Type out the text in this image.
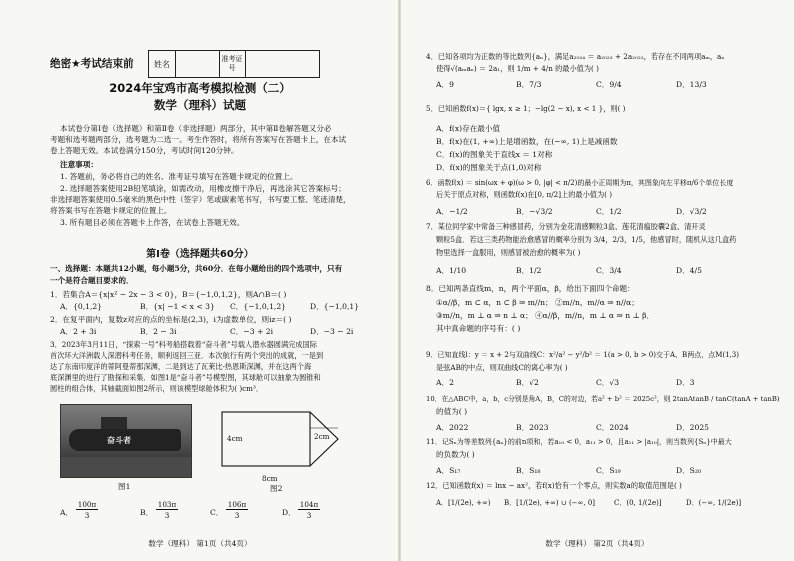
绝密★考试结束前	姓名
准考证号
2024年宝鸡市高考模拟检测（二）
数学（理科）试题
本试卷分第Ⅰ卷（选择题）和第Ⅱ卷（非选择题）两部分，其中第Ⅱ卷解答题又分必
考题和选考题两部分，选考题为二选一。考生作答时，将所有答案写在答题卡上，在本试
卷上答题无效。本试卷满分150分，考试时间120分钟。
注意事项：
1. 答题前，务必将自己的姓名、准考证号填写在答题卡规定的位置上。
2. 选择题答案使用2B铅笔填涂，如需改动，用橡皮擦干净后，再选涂其它答案标号；
非选择题答案使用0.5毫米的黑色中性（签字）笔或碳素笔书写，书写要工整、笔迹清楚，
将答案书写在答题卡规定的位置上。
3. 所有题目必须在答题卡上作答，在试卷上答题无效。
第Ⅰ卷（选择题共60分）
一、选择题：本题共12小题，每小题5分，共60分．在每小题给出的四个选项中，只有
一个是符合题目要求的．
1．若集合A＝{x|x² − 2x − 3 < 0}，B＝{−1,0,1,2}，则A∩B＝( )
A．{0,1,2}	B．{x| −1 < x < 3} C．{−1,0,1,2}	D．{−1,0,1}
2．在复平面内，复数z对应的点的坐标是(2,3)，i为虚数单位，则iz＝( )
A．2 + 3i	B．2 − 3i	C．−3 + 2i	D．−3 − 2i
3．2023年3月11日，“探索一号”科考船搭载着“奋斗者”号载人潜水器圆满完成国际
首次环大洋洲载人深潜科考任务，顺利返回三亚．本次航行有两个突出的成就，一是到
达了东南印度洋的蒂阿曼蒂那深渊，二是到达了瓦莱比-热恩斯深渊，并在这两个海
底深渊里的进行了勘探和采集．如图1是“奋斗者”号模型图，其球舱可以抽象为圆锥和
圆柱的组合体，其轴截面如图2所示，则该模型球舱体积为( )cm³．
奋斗者
图1
4cm	2cm
8cm
图2
A．
100π
3	B．
103π
3	C．
106π
3	D．
104π
3
数学（理科） 第1页（共4页）
4．已知各项均为正数的等比数列{aₙ}，满足a₂₀₂₄ ＝ a₂₀₂₃ + 2a₂₀₂₂，若存在不同两项aₘ，aₙ
使得√(aₘaₙ) ＝ 2a₁，则 1/m + 4/n 的最小值为( )
A．9	B．7/3	C．9/4	D．13/3
5．已知函数f(x)＝{ lgx, x ≥ 1；−lg(2 − x), x < 1 }，则( )
A．f(x)存在最小值
B．f(x)在(1, +∞)上是增函数，在(−∞, 1)上是减函数
C．f(x)的图象关于直线x ＝ 1对称
D．f(x)的图象关于点(1,0)对称
6．函数f(x) ＝ sin(ωx + φ)(ω > 0, |φ| < π/2)的最小正周期为π，其图象向左平移π/6个单位长度
后关于原点对称，则函数f(x)在[0, π/2]上的最小值为( )
A．−1/2	B．−√3/2	C．1/2	D．√3/2
7．某位同学家中常备三种感冒药，分别为金花清感颗粒3盒、莲花清瘟胶囊2盒、清开灵
颗粒5盒．若这三类药物能治愈感冒的概率分别为 3/4，2/3，1/5，他感冒时，随机从这几盒药
物里选择一盒服用，则感冒被治愈的概率为( )
A．1/10	B．1/2	C．3/4	D．4/5
8．已知两条直线m，n，两个平面α，β，给出下面四个命题：
①α//β，m ⊂ α，n ⊂ β ⇒ m//n； ②m//n，m//α ⇒ n//α；
③m//n，m ⊥ α ⇒ n ⊥ α； ④α//β，m//n，m ⊥ α ⇒ n ⊥ β．
其中真命题的序号有：( )
9．已知直线l：y ＝ x + 2与双曲线C：x²/a² − y²/b² ＝ 1(a > 0, b > 0)交于A、B两点，点M(1,3)
是弦AB的中点，则双曲线C的离心率为( )
A．2	B．√2	C．√3	D．3
10．在△ABC中，a，b，c分别是角A，B，C的对边，若a² + b² ＝ 2025c²，则 2tanAtanB / tanC(tanA + tanB)
的值为( )
A．2022	B．2023	C．2024	D．2025
11．记Sₙ为等差数列{aₙ}的前n项和，若a₁₀ < 0，a₁₁ > 0，且a₁₁ > |a₁₀|，则当数列{Sₙ}中最大
的负数为( )
A．S₁₇	B．S₁₈	C．S₁₉	D．S₂₀
12．已知函数f(x) ＝ lnx − ax²，若f(x)恰有一个零点，则实数a的取值范围是( )
A．[1/(2e), +∞) B．[1/(2e), +∞) ∪ (−∞, 0]	C．(0, 1/(2e)]	D．(−∞, 1/(2e)]
数学（理科） 第2页（共4页）
